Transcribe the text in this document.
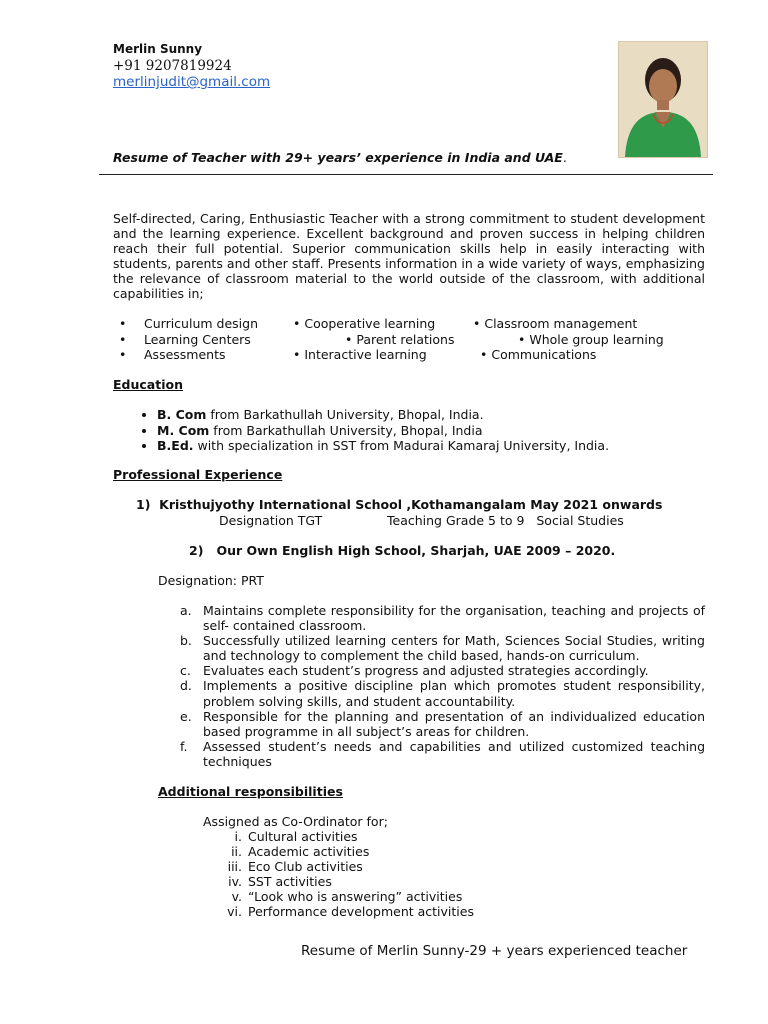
Merlin Sunny
+91 9207819924
merlinjudit@gmail.com
Resume of Teacher with 29+ years’ experience in India and UAE.
Self-directed, Caring, Enthusiastic Teacher with a strong commitment to student development and the learning experience. Excellent background and proven success in helping children reach their full potential. Superior communication skills help in easily interacting with students, parents and other staff. Presents information in a wide variety of ways, emphasizing the relevance of classroom material to the world outside of the classroom, with additional capabilities in;
• Curriculum design	• Cooperative learning	• Classroom management
• Learning Centers	• Parent relations	• Whole group learning
• Assessments	• Interactive learning	• Communications
Education
• B. Com from Barkathullah University, Bhopal, India.
• M. Com from Barkathullah University, Bhopal, India
• B.Ed. with specialization in SST from Madurai Kamaraj University, India.
Professional Experience
1) Kristhujyothy International School ,Kothamangalam May 2021 onwards
Designation TGT	Teaching Grade 5 to 9   Social Studies
2) Our Own English High School, Sharjah, UAE 2009 – 2020.
Designation: PRT
a. Maintains complete responsibility for the organisation, teaching and projects of self- contained classroom.
b. Successfully utilized learning centers for Math, Sciences Social Studies, writing and technology to complement the child based, hands-on curriculum.
c. Evaluates each student’s progress and adjusted strategies accordingly.
d. Implements a positive discipline plan which promotes student responsibility, problem solving skills, and student accountability.
e. Responsible for the planning and presentation of an individualized education based programme in all subject’s areas for children.
f. Assessed student’s needs and capabilities and utilized customized teaching techniques
Additional responsibilities
Assigned as Co-Ordinator for;
i. Cultural activities
ii. Academic activities
iii. Eco Club activities
iv. SST activities
v. “Look who is answering” activities
vi. Performance development activities
Resume of Merlin Sunny-29 + years experienced teacher
